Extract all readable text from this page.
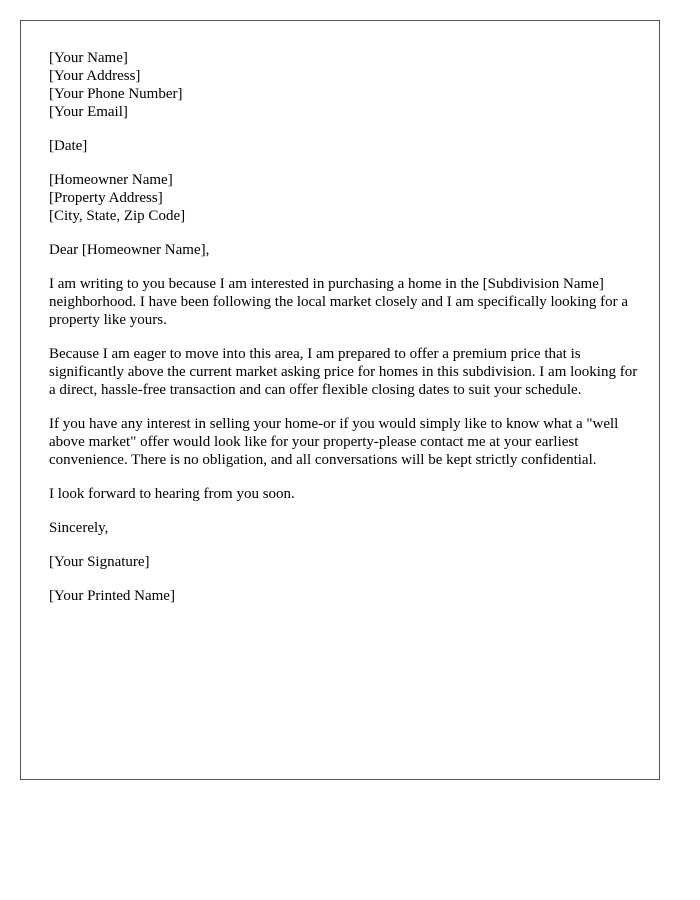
[Your Name]
[Your Address]
[Your Phone Number]
[Your Email]
[Date]
[Homeowner Name]
[Property Address]
[City, State, Zip Code]

Dear [Homeowner Name],

I am writing to you because I am interested in purchasing a home in the [Subdivision Name] neighborhood. I have been following the local market closely and I am specifically looking for a property like yours.

Because I am eager to move into this area, I am prepared to offer a premium price that is significantly above the current market asking price for homes in this subdivision. I am looking for a direct, hassle-free transaction and can offer flexible closing dates to suit your schedule.

If you have any interest in selling your home-or if you would simply like to know what a "well above market" offer would look like for your property-please contact me at your earliest convenience. There is no obligation, and all conversations will be kept strictly confidential.

I look forward to hearing from you soon.

Sincerely,

[Your Signature]

[Your Printed Name]
